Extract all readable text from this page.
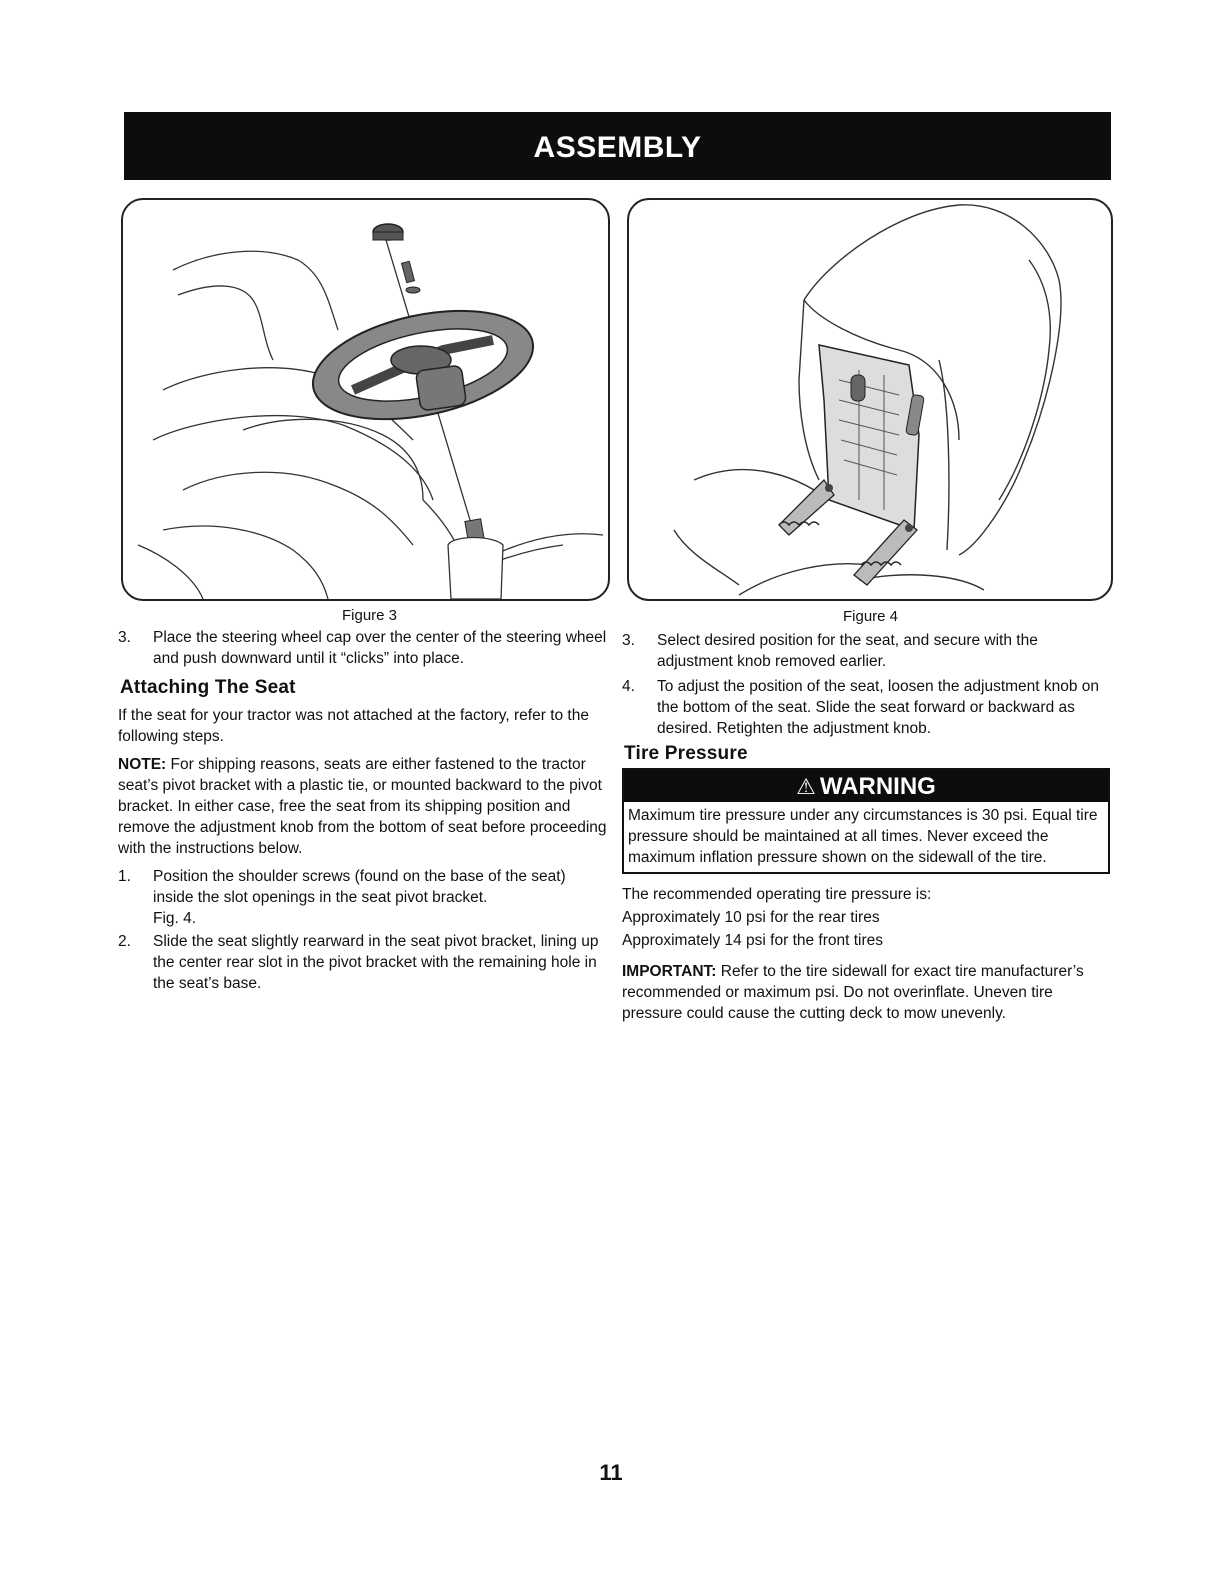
ASSEMBLY
Figure 3	Figure 4
3.	Place the steering wheel cap over the center of the steering wheel and push downward until it “clicks” into place.
Attaching The Seat

If the seat for your tractor was not attached at the factory, refer to the following steps.

NOTE: For shipping reasons, seats are either fastened to the tractor seat’s pivot bracket with a plastic tie, or mounted backward to the pivot bracket. In either case, free the seat from its shipping position and remove the adjustment knob from the bottom of seat before proceeding with the instructions below.

1.	Position the shoulder screws (found on the base of the seat) inside the slot openings in the seat pivot bracket.
Fig. 4.
2.	Slide the seat slightly rearward in the seat pivot bracket, lining up the center rear slot in the pivot bracket with the remaining hole in the seat’s base.
3.	Select desired position for the seat, and secure with the adjustment knob removed earlier.
4.	To adjust the position of the seat, loosen the adjustment knob on the bottom of the seat. Slide the seat forward or backward as desired. Retighten the adjustment knob.
Tire Pressure
⚠ WARNING
Maximum tire pressure under any circumstances is 30 psi. Equal tire pressure should be maintained at all times. Never exceed the maximum inflation pressure shown on the sidewall of the tire.

The recommended operating tire pressure is:

Approximately 10 psi for the rear tires

Approximately 14 psi for the front tires

IMPORTANT: Refer to the tire sidewall for exact tire manufacturer’s recommended or maximum psi. Do not overinflate. Uneven tire pressure could cause the cutting deck to mow unevenly.

11
